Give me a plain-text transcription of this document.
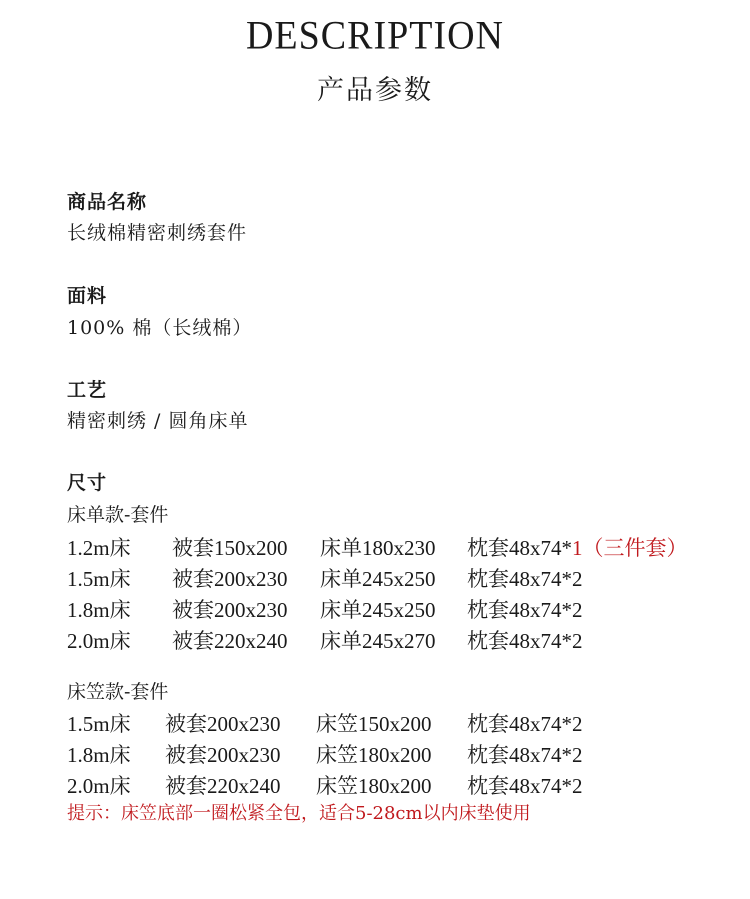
DESCRIPTION
产品参数
商品名称
长绒棉精密刺绣套件
面料
100% 棉（长绒棉）
工艺
精密刺绣 / 圆角床单
尺寸
床单款-套件
1.2m床 被套150x200 床单180x230 枕套48x74*1（三件套）
1.5m床 被套200x230 床单245x250 枕套48x74*2
1.8m床 被套200x230 床单245x250 枕套48x74*2
2.0m床 被套220x240 床单245x270 枕套48x74*2
床笠款-套件
1.5m床 被套200x230 床笠150x200 枕套48x74*2
1.8m床 被套200x230 床笠180x200 枕套48x74*2
2.0m床 被套220x240 床笠180x200 枕套48x74*2
提示：床笠底部一圈松紧全包，适合5-28cm以内床垫使用
